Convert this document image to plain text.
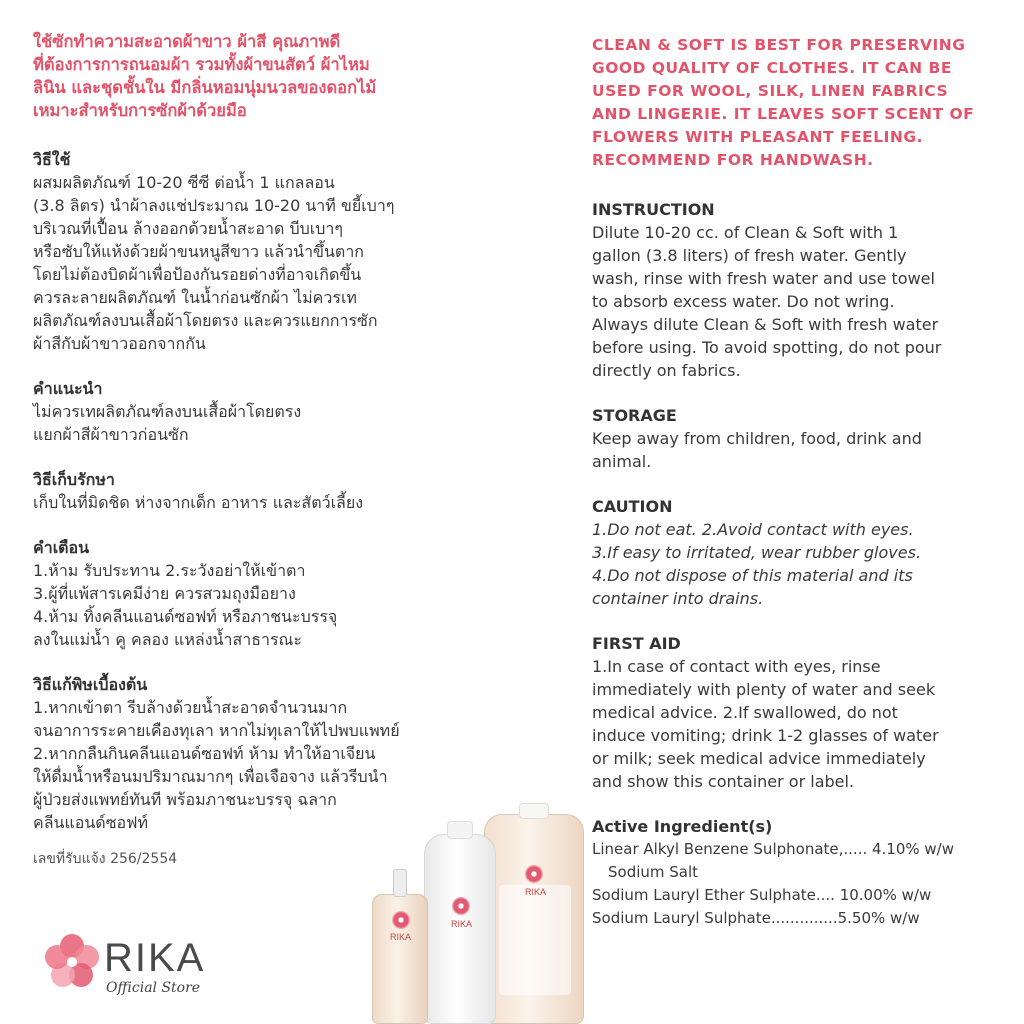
ใช้ซักทำความสะอาดผ้าขาว ผ้าสี คุณภาพดี
ที่ต้องการการถนอมผ้า รวมทั้งผ้าขนสัตว์ ผ้าไหม
ลินิน และชุดชั้นใน มีกลิ่นหอมนุ่มนวลของดอกไม้
เหมาะสำหรับการซักผ้าด้วยมือ
วิธีใช้
ผสมผลิตภัณฑ์ 10-20 ซีซี ต่อน้ำ 1 แกลลอน
(3.8 ลิตร) นำผ้าลงแช่ประมาณ 10-20 นาที ขยี้เบาๆ
บริเวณที่เปื้อน ล้างออกด้วยน้ำสะอาด บีบเบาๆ
หรือซับให้แห้งด้วยผ้าขนหนูสีขาว แล้วนำขึ้นตาก
โดยไม่ต้องบิดผ้าเพื่อป้องกันรอยด่างที่อาจเกิดขึ้น
ควรละลายผลิตภัณฑ์ ในน้ำก่อนซักผ้า ไม่ควรเท
ผลิตภัณฑ์ลงบนเสื้อผ้าโดยตรง และควรแยกการซัก
ผ้าสีกับผ้าขาวออกจากกัน
คำแนะนำ
ไม่ควรเทผลิตภัณฑ์ลงบนเสื้อผ้าโดยตรง
แยกผ้าสีผ้าขาวก่อนซัก
วิธีเก็บรักษา
เก็บในที่มิดชิด ห่างจากเด็ก อาหาร และสัตว์เลี้ยง
คำเตือน
1.ห้าม รับประทาน 2.ระวังอย่าให้เข้าตา
3.ผู้ที่แพ้สารเคมีง่าย ควรสวมถุงมือยาง
4.ห้าม ทิ้งคลีนแอนด์ซอฟท์ หรือภาชนะบรรจุ
ลงในแม่น้ำ คู คลอง แหล่งน้ำสาธารณะ
วิธีแก้พิษเบื้องต้น
1.หากเข้าตา รีบล้างด้วยน้ำสะอาดจำนวนมาก
จนอาการระคายเคืองทุเลา หากไม่ทุเลาให้ไปพบแพทย์
2.หากกลืนกินคลีนแอนด์ซอฟท์ ห้าม ทำให้อาเจียน
ให้ดื่มน้ำหรือนมปริมาณมากๆ เพื่อเจือจาง แล้วรีบนำ
ผู้ป่วยส่งแพทย์ทันที พร้อมภาชนะบรรจุ ฉลาก
คลีนแอนด์ซอฟท์
เลขที่รับแจ้ง 256/2554
CLEAN & SOFT IS BEST FOR PRESERVING
GOOD QUALITY OF CLOTHES. IT CAN BE
USED FOR WOOL, SILK, LINEN FABRICS
AND LINGERIE. IT LEAVES SOFT SCENT OF
FLOWERS WITH PLEASANT FEELING.
RECOMMEND FOR HANDWASH.
INSTRUCTION
Dilute 10-20 cc. of Clean & Soft with 1
gallon (3.8 liters) of fresh water. Gently
wash, rinse with fresh water and use towel
to absorb excess water. Do not wring.
Always dilute Clean & Soft with fresh water
before using. To avoid spotting, do not pour
directly on fabrics.
STORAGE
Keep away from children, food, drink and
animal.
CAUTION
1.Do not eat. 2.Avoid contact with eyes.
3.If easy to irritated, wear rubber gloves.
4.Do not dispose of this material and its
container into drains.
FIRST AID
1.In case of contact with eyes, rinse
immediately with plenty of water and seek
medical advice. 2.If swallowed, do not
induce vomiting; drink 1-2 glasses of water
or milk; seek medical advice immediately
and show this container or label.
Active Ingredient(s)
Linear Alkyl Benzene Sulphonate,..... 4.10% w/w
Sodium Salt
Sodium Lauryl Ether Sulphate.... 10.00% w/w
Sodium Lauryl Sulphate..............5.50% w/w
RIKA
RIKA
RIKA
RIKA
Official Store
